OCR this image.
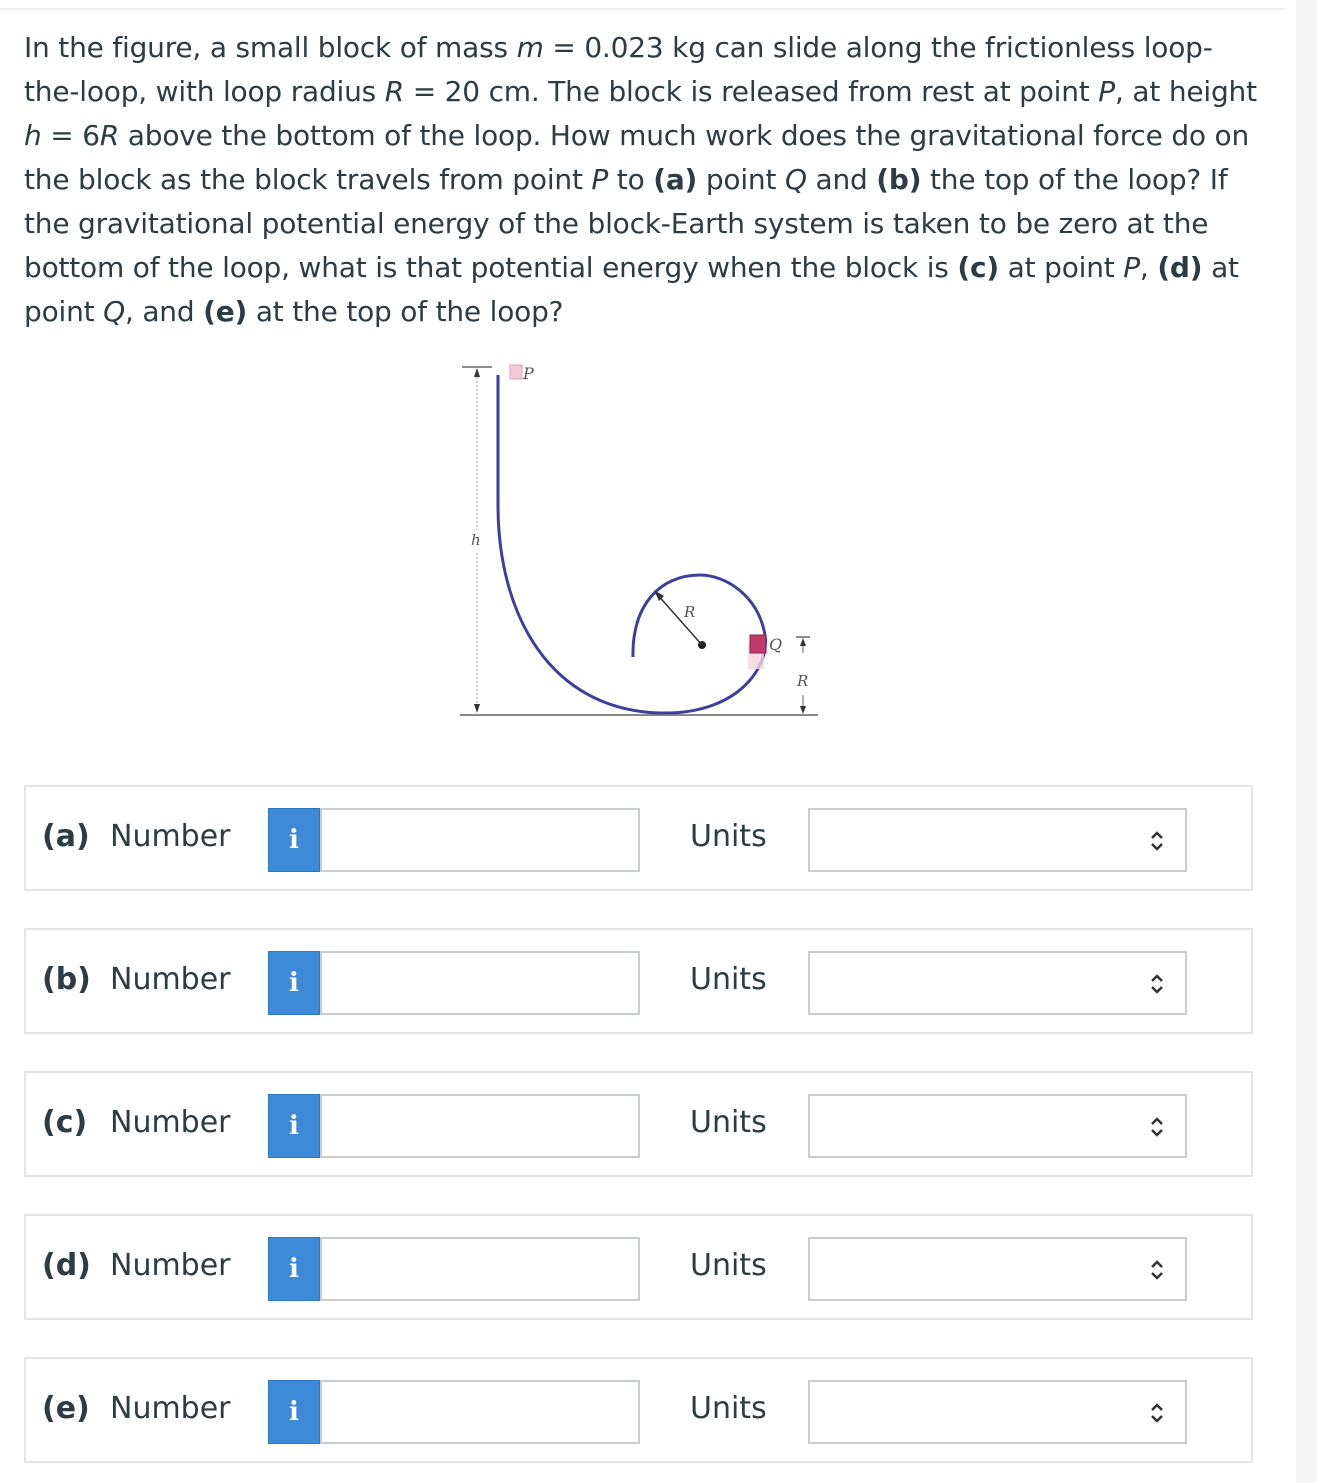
In the figure, a small block of mass m = 0.023 kg can slide along the frictionless loop-the-loop, with loop radius R = 20 cm. The block is released from rest at point P, at height h = 6R above the bottom of the loop. How much work does the gravitational force do on the block as the block travels from point P to (a) point Q and (b) the top of the loop? If the gravitational potential energy of the block-Earth system is taken to be zero at the bottom of the loop, what is that potential energy when the block is (c) at point P, (d) at point Q, and (e) at the top of the loop?
h
P
R
Q
R
(a) Number	i	Units
(b) Number	i	Units
(c) Number	i	Units
(d) Number	i	Units
(e) Number	i	Units
